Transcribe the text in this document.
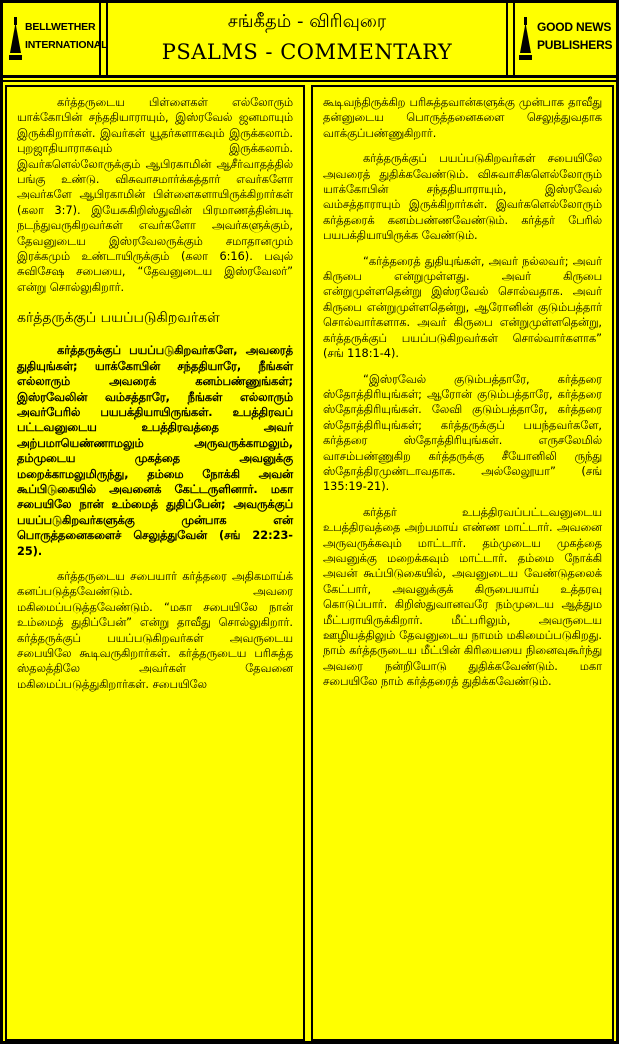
BELLWETHER
INTERNATIONAL
சங்கீதம் - விரிவுரை
PSALMS - COMMENTARY
GOOD NEWS
PUBLISHERS

கர்த்தருடைய பிள்ளைகள் எல்லோரும் யாக்கோபின் சந்ததியாராயும், இஸ்ரவேல் ஜனமாயும் இருக்கிறார்கள். இவர்கள் யூதர்களாகவும் இருக்கலாம். புறஜாதியாராகவும் இருக்கலாம். இவர்களெல்லோருக்கும் ஆபிரகாமின் ஆசீர்வாதத்தில் பங்கு உண்டு. விசுவாசமார்க்கத்தார் எவர்களோ அவர்களே ஆபிரகாமின் பிள்ளைகளாயிருக்கிறார்கள் (கலா 3:7). இயேசுகிறிஸ்துவின் பிரமாணத்தின்படி நடந்துவருகிறவர்கள் எவர்களோ அவர்களுக்கும், தேவனுடைய இஸ்ரவேலருக்கும் சமாதானமும் இரக்கமும் உண்டாயிருக்கும் (கலா 6:16). பவுல் சுவிசேஷ சபையை, “தேவனுடைய இஸ்ரவேலர்” என்று சொல்லுகிறார்.

கர்த்தருக்குப் பயப்படுகிறவர்கள்

கர்த்தருக்குப் பயப்படுகிறவர்களே, அவரைத் துதியுங்கள்; யாக்கோபின் சந்ததியாரே, நீங்கள் எல்லாரும் அவரைக் கனம்பண்ணுங்கள்; இஸ்ரவேலின் வம்சத்தாரே, நீங்கள் எல்லாரும் அவர்பேரில் பயபக்தியாயிருங்கள். உபத்திரவப் பட்டவனுடைய உபத்திரவத்தை அவர் அற்பமாயெண்ணாமலும் அருவருக்காமலும், தம்முடைய முகத்தை அவனுக்கு மறைக்காமலுமிருந்து, தம்மை நோக்கி அவன் கூப்பிடுகையில் அவனைக் கேட்டருளினார். மகா சபையிலே நான் உம்மைத் துதிப்பேன்; அவருக்குப் பயப்படுகிறவர்களுக்கு முன்பாக என் பொருத்தனைகளைச் செலுத்துவேன் (சங் 22:23-25).

கர்த்தருடைய சபையார் கர்த்தரை அதிகமாய்க் கனப்படுத்தவேண்டும். அவரை மகிமைப்படுத்தவேண்டும். “மகா சபையிலே நான் உம்மைத் துதிப்பேன்” என்று தாவீது சொல்லுகிறார். கர்த்தருக்குப் பயப்படுகிறவர்கள் அவருடைய சபையிலே கூடிவருகிறார்கள். கர்த்தருடைய பரிசுத்த ஸ்தலத்திலே அவர்கள் தேவனை மகிமைப்படுத்துகிறார்கள். சபையிலே

கூடிவந்திருக்கிற பரிசுத்தவான்களுக்கு முன்பாக தாவீது தன்னுடைய பொருத்தனைகளை செலுத்துவதாக வாக்குப்பண்ணுகிறார்.

கர்த்தருக்குப் பயப்படுகிறவர்கள் சபையிலே அவரைத் துதிக்கவேண்டும். விசுவாசிகளெல்லோரும் யாக்கோபின் சந்ததியாராயும், இஸ்ரவேல் வம்சத்தாராயும் இருக்கிறார்கள். இவர்களெல்லோரும் கர்த்தரைக் கனம்பண்ணவேண்டும். கர்த்தர் பேரில் பயபக்தியாயிருக்க வேண்டும்.

“கர்த்தரைத் துதியுங்கள், அவர் நல்லவர்; அவர் கிருபை என்றுமுள்ளது. அவர் கிருபை என்றுமுள்ளதென்று இஸ்ரவேல் சொல்வதாக. அவர் கிருபை என்றுமுள்ளதென்று, ஆரோனின் குடும்பத்தார் சொல்வார்களாக. அவர் கிருபை என்றுமுள்ளதென்று, கர்த்தருக்குப் பயப்படுகிறவர்கள் சொல்வார்களாக” (சங் 118:1-4).

“இஸ்ரவேல் குடும்பத்தாரே, கர்த்தரை ஸ்தோத்திரியுங்கள்; ஆரோன் குடும்பத்தாரே, கர்த்தரை ஸ்தோத்திரியுங்கள். லேவி குடும்பத்தாரே, கர்த்தரை ஸ்தோத்திரியுங்கள்; கர்த்தருக்குப் பயந்தவர்களே, கர்த்தரை ஸ்தோத்திரியுங்கள். எருசலேமில் வாசம்பண்ணுகிற கர்த்தருக்கு சீயோனிலி ருந்து ஸ்தோத்திரமுண்டாவதாக. அல்லேலூயா” (சங் 135:19-21).

கர்த்தர் உபத்திரவப்பட்டவனுடைய உபத்திரவத்தை அற்பமாய் எண்ண மாட்டார். அவனை அருவருக்கவும் மாட்டார். தம்முடைய முகத்தை அவனுக்கு மறைக்கவும் மாட்டார். தம்மை நோக்கி அவன் கூப்பிடுகையில், அவனுடைய வேண்டுதலைக் கேட்பார், அவனுக்குக் கிருபையாய் உத்தரவு கொடுப்பார். கிறிஸ்துவானவரே நம்முடைய ஆத்தும மீட்பராயிருக்கிறார். மீட்பரிலும், அவருடைய ஊழியத்திலும் தேவனுடைய நாமம் மகிமைப்படுகிறது. நாம் கர்த்தருடைய மீட்பின் கிரியையை நினைவுகூர்ந்து அவரை நன்றியோடு துதிக்கவேண்டும். மகா சபையிலே நாம் கர்த்தரைத் துதிக்கவேண்டும்.
